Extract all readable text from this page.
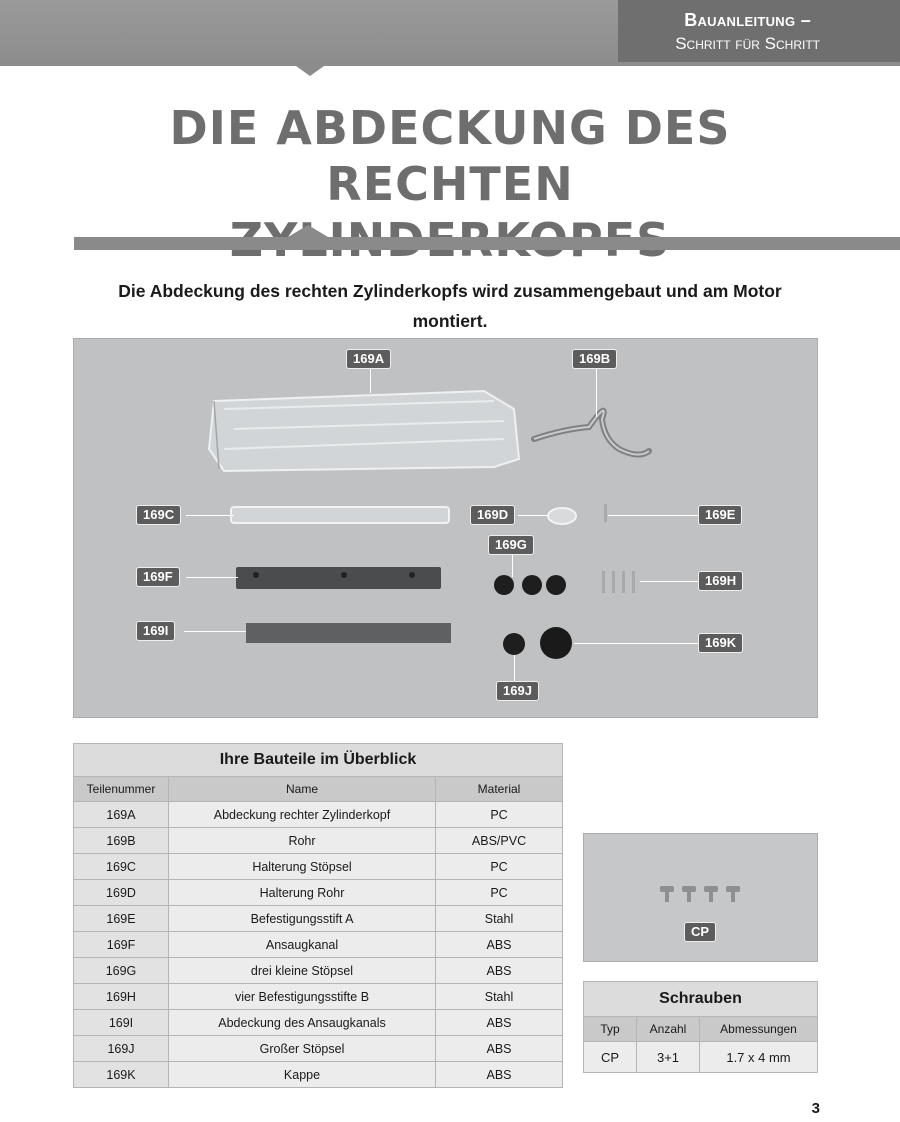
Bauanleitung –
Schritt für Schritt
DIE ABDECKUNG DES RECHTEN
Die Abdeckung des rechten Zylinderkopfs wird zusammengebaut und am Motor montiert.
169A	169B
169C	169D	169E
169G
169F	169H
169I
169K
169J
Ihre Bauteile im Überblick		
Teilenummer	Name	Material
169A	Abdeckung rechter Zylinderkopf	PC
169B	Rohr	ABS/PVC
169C	Halterung Stöpsel	PC
169D	Halterung Rohr	PC
169E	Befestigungsstift A	Stahl
169F	Ansaugkanal	ABS
169G	drei kleine Stöpsel	ABS
169H	vier Befestigungsstifte B	Stahl
169I	Abdeckung des Ansaugkanals	ABS
169J	Großer Stöpsel	ABS
169K	Kappe	ABS
CP
Schrauben		
Typ	Anzahl	Abmessungen
CP	3+1	1.7 x 4 mm
3
